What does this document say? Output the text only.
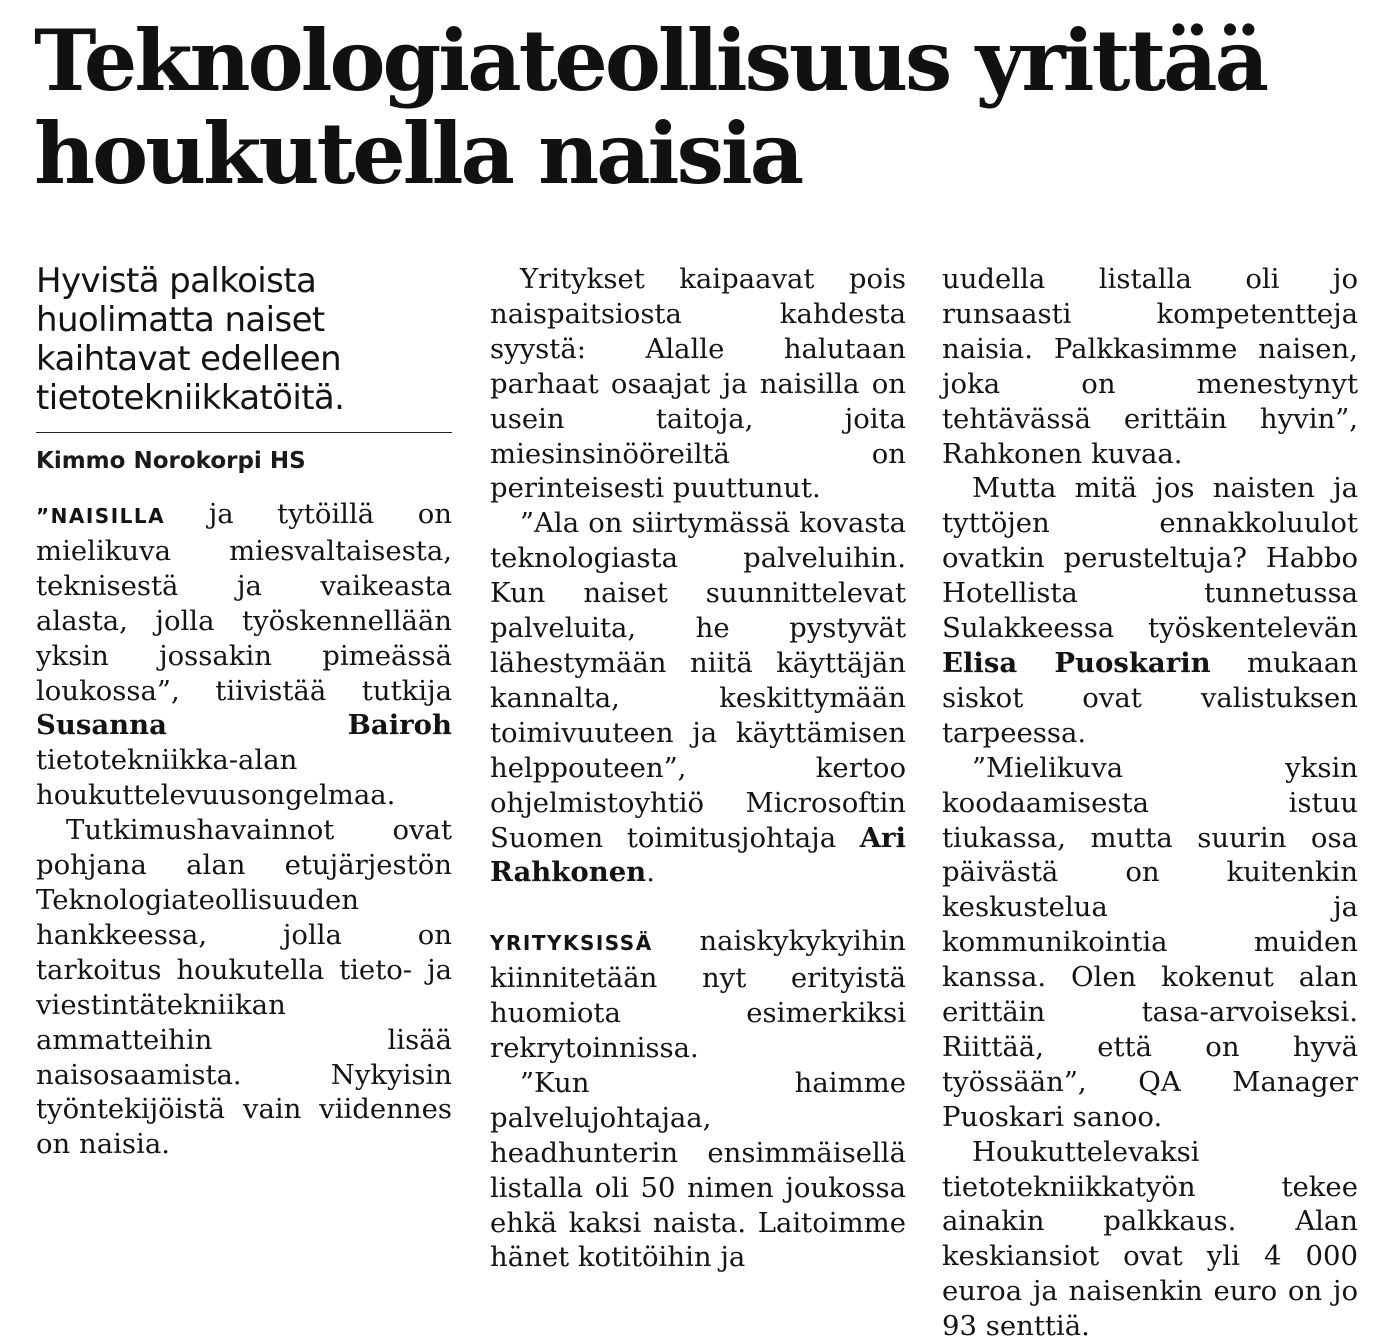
Teknologiateollisuus yrittää
houkutella naisia

Hyvistä palkoista huolimatta naiset kaihtavat edelleen tietotekniikkatöitä.

Kimmo Norokorpi HS

”NAISILLA ja tytöillä on mielikuva miesvaltaisesta, teknisestä ja vaikeasta alasta, jolla työskennellään yksin jossakin pimeässä loukossa”, tiivistää tutkija Susanna Bairoh tietotekniikka-alan houkuttelevuusongelmaa.

Tutkimushavainnot ovat pohjana alan etujärjestön Teknologiateollisuuden hankkeessa, jolla on tarkoitus houkutella tieto- ja viestintätekniikan ammatteihin lisää naisosaamista. Nykyisin työntekijöistä vain viidennes on naisia.

Yritykset kaipaavat pois naispaitsiosta kahdesta syystä: Alalle halutaan parhaat osaajat ja naisilla on usein taitoja, joita miesinsinööreiltä on perinteisesti puuttunut.

”Ala on siirtymässä kovasta teknologiasta palveluihin. Kun naiset suunnittelevat palveluita, he pystyvät lähestymään niitä käyttäjän kannalta, keskittymään toimivuuteen ja käyttämisen helppouteen”, kertoo ohjelmistoyhtiö Microsoftin Suomen toimitusjohtaja Ari Rahkonen.

YRITYKSISSÄ naiskykykyihin kiinnitetään nyt erityistä huomiota esimerkiksi rekrytoinnissa.

”Kun haimme palvelujohtajaa, headhunterin ensimmäisellä listalla oli 50 nimen joukossa ehkä kaksi naista. Laitoimme hänet kotitöihin ja

uudella listalla oli jo runsaasti kompetentteja naisia. Palkkasimme naisen, joka on menestynyt tehtävässä erittäin hyvin”, Rahkonen kuvaa.

Mutta mitä jos naisten ja tyttöjen ennakkoluulot ovatkin perusteltuja? Habbo Hotellista tunnetussa Sulakkeessa työskentelevän Elisa Puoskarin mukaan siskot ovat valistuksen tarpeessa.

”Mielikuva yksin koodaamisesta istuu tiukassa, mutta suurin osa päivästä on kuitenkin keskustelua ja kommunikointia muiden kanssa. Olen kokenut alan erittäin tasa-arvoiseksi. Riittää, että on hyvä työssään”, QA Manager Puoskari sanoo.

Houkuttelevaksi tietotekniikkatyön tekee ainakin palkkaus. Alan keskiansiot ovat yli 4 000 euroa ja naisenkin euro on jo 93 senttiä.
